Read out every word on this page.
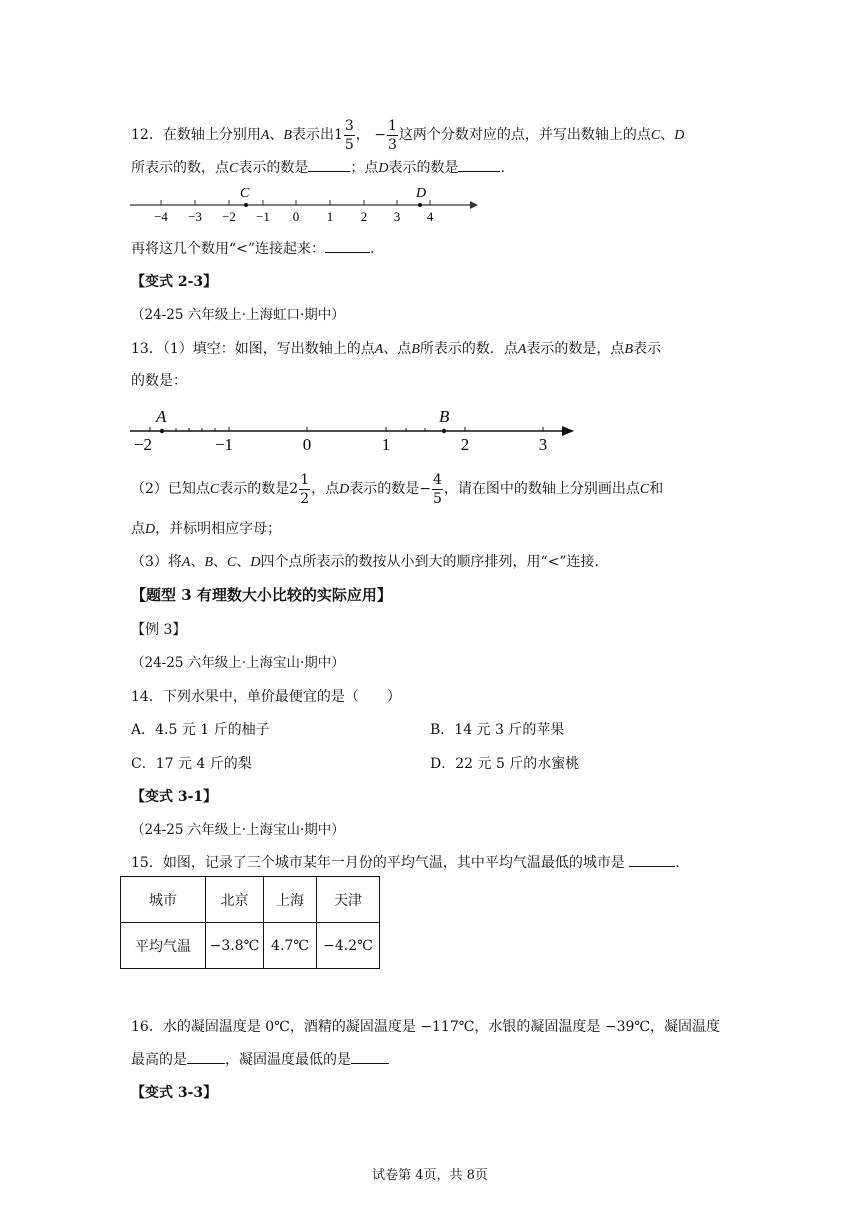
12．在数轴上分别用A、B表示出$1 \frac{3}{5}$ ， − $\frac{1}{3}$ 这两个分数对应的点，并写出数轴上的点C、D
所表示的数，点C表示的数是	；点D表示的数是	.
C	D
−4 −3 −2 −1 0 1 2 3 4
再将这几个数用“<”连接起来：	.
【变式 2-3】
（24-25 六年级上·上海虹口·期中）
13．（1）填空：如图，写出数轴上的点A、点B所表示的数．点A表示的数是，点B表示
的数是：
A	B
−2	−1	0	1	2	3
（2）已知点C表示的数是$2 \frac{1}{2}$ ，点D表示的数是− $\frac{4}{5}$ ，请在图中的数轴上分别画出点C和
点D，并标明相应字母；
（3）将A、B、C、D四个点所表示的数按从小到大的顺序排列，用“<”连接．
【题型 3 有理数大小比较的实际应用】
【例 3】
（24-25 六年级上·上海宝山·期中）
14．下列水果中，单价最便宜的是（　　）
A．4.5 元 1 斤的柚子	B．14 元 3 斤的苹果
C．17 元 4 斤的梨	D．22 元 5 斤的水蜜桃
【变式 3-1】
（24-25 六年级上·上海宝山·期中）
15．如图，记录了三个城市某年一月份的平均气温，其中平均气温最低的城市是	.
城市	北京	上海	天津
平均气温	−3.8℃	4.7℃	−4.2℃
16．水的凝固温度是 0℃，酒精的凝固温度是 −117℃，水银的凝固温度是 −39℃，凝固温度
最高的是	，凝固温度最低的是
【变式 3-3】
试卷第 4页，共 8页
